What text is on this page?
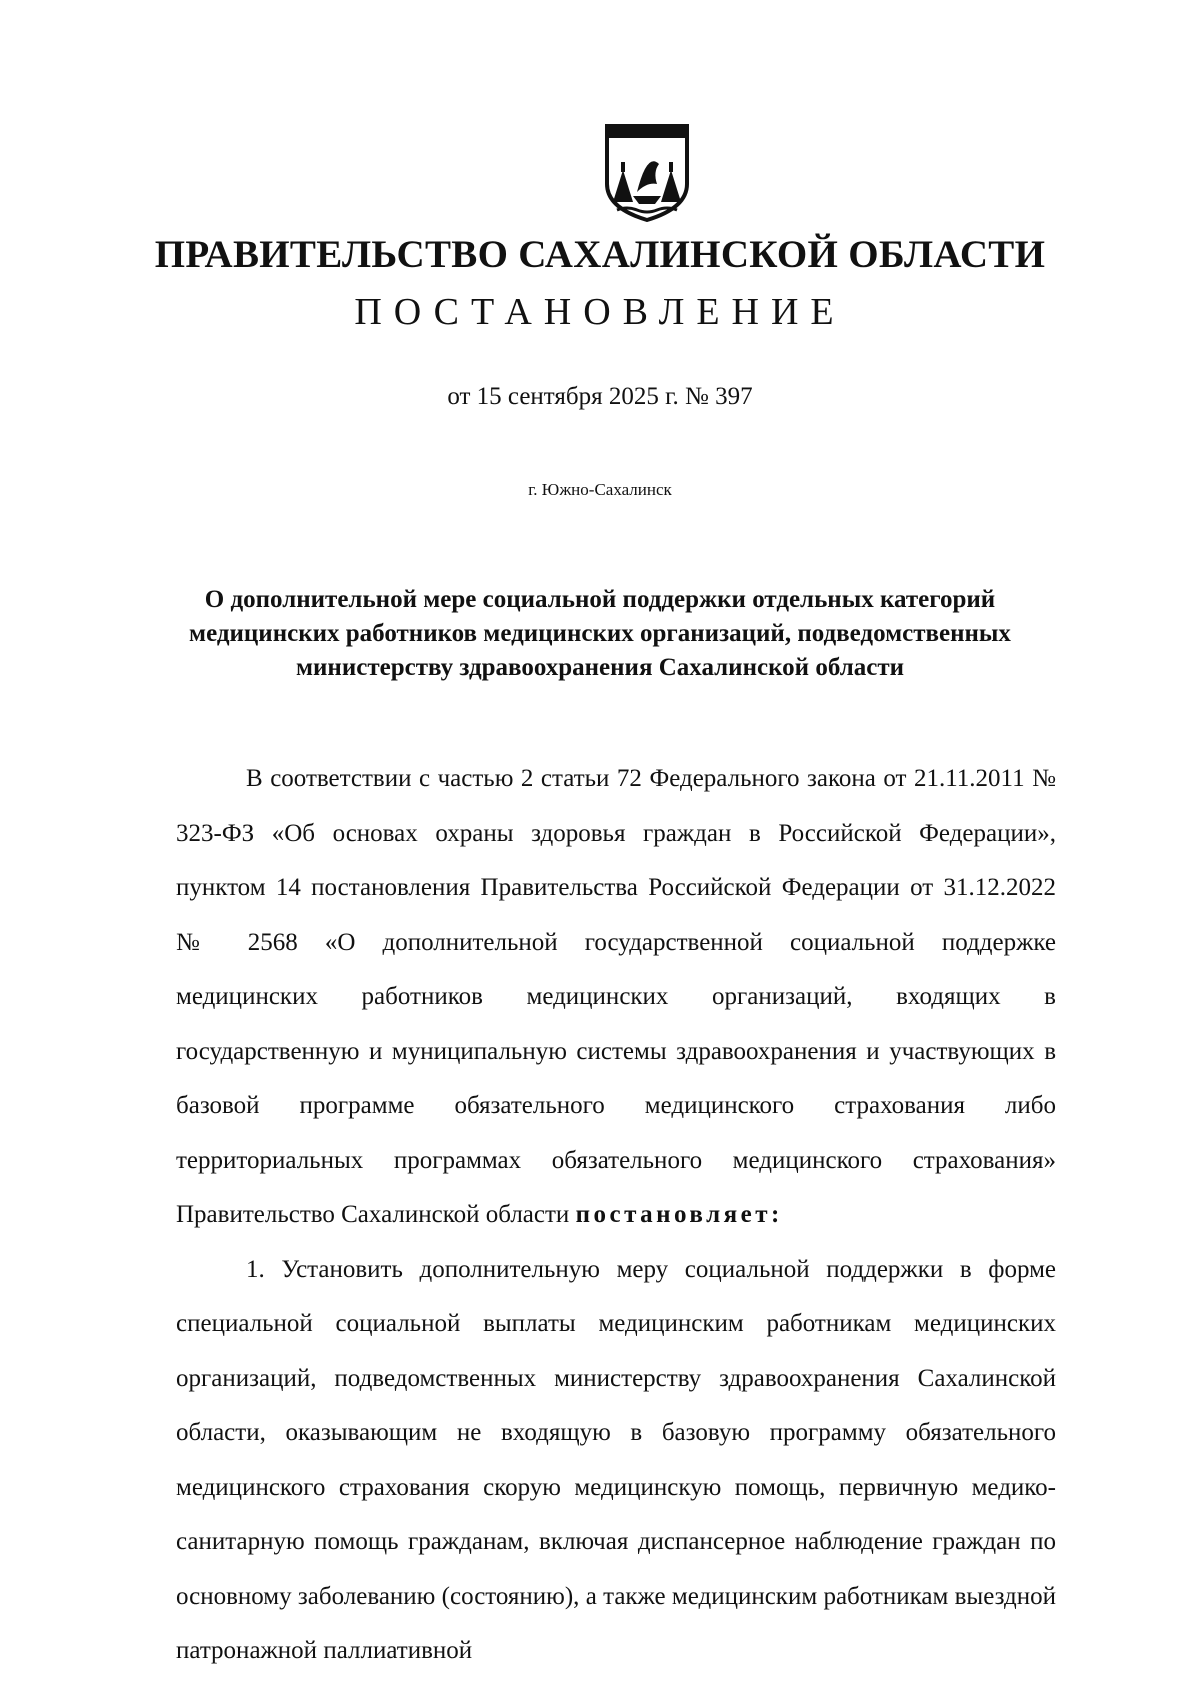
ПРАВИТЕЛЬСТВО САХАЛИНСКОЙ ОБЛАСТИ
ПОСТАНОВЛЕНИЕ
от 15 сентября 2025 г. № 397
г. Южно-Сахалинск
О дополнительной мере социальной поддержки отдельных категорий медицинских работников медицинских организаций, подведомственных министерству здравоохранения Сахалинской области

В соответствии с частью 2 статьи 72 Федерального закона от 21.11.2011 № 323-ФЗ «Об основах охраны здоровья граждан в Российской Федерации», пунктом 14 постановления Правительства Российской Федерации от 31.12.2022 № 2568 «О дополнительной государственной социальной поддержке медицинских работников медицинских организаций, входящих в государственную и муниципальную системы здравоохранения и участвующих в базовой программе обязательного медицинского страхования либо территориальных программах обязательного медицинского страхования» Правительство Сахалинской области постановляет:

1. Установить дополнительную меру социальной поддержки в форме специальной социальной выплаты медицинским работникам медицинских организаций, подведомственных министерству здравоохранения Сахалинской области, оказывающим не входящую в базовую программу обязательного медицинского страхования скорую медицинскую помощь, первичную медико-санитарную помощь гражданам, включая диспансерное наблюдение граждан по основному заболеванию (состоянию), а также медицинским работникам выездной патронажной паллиативной
